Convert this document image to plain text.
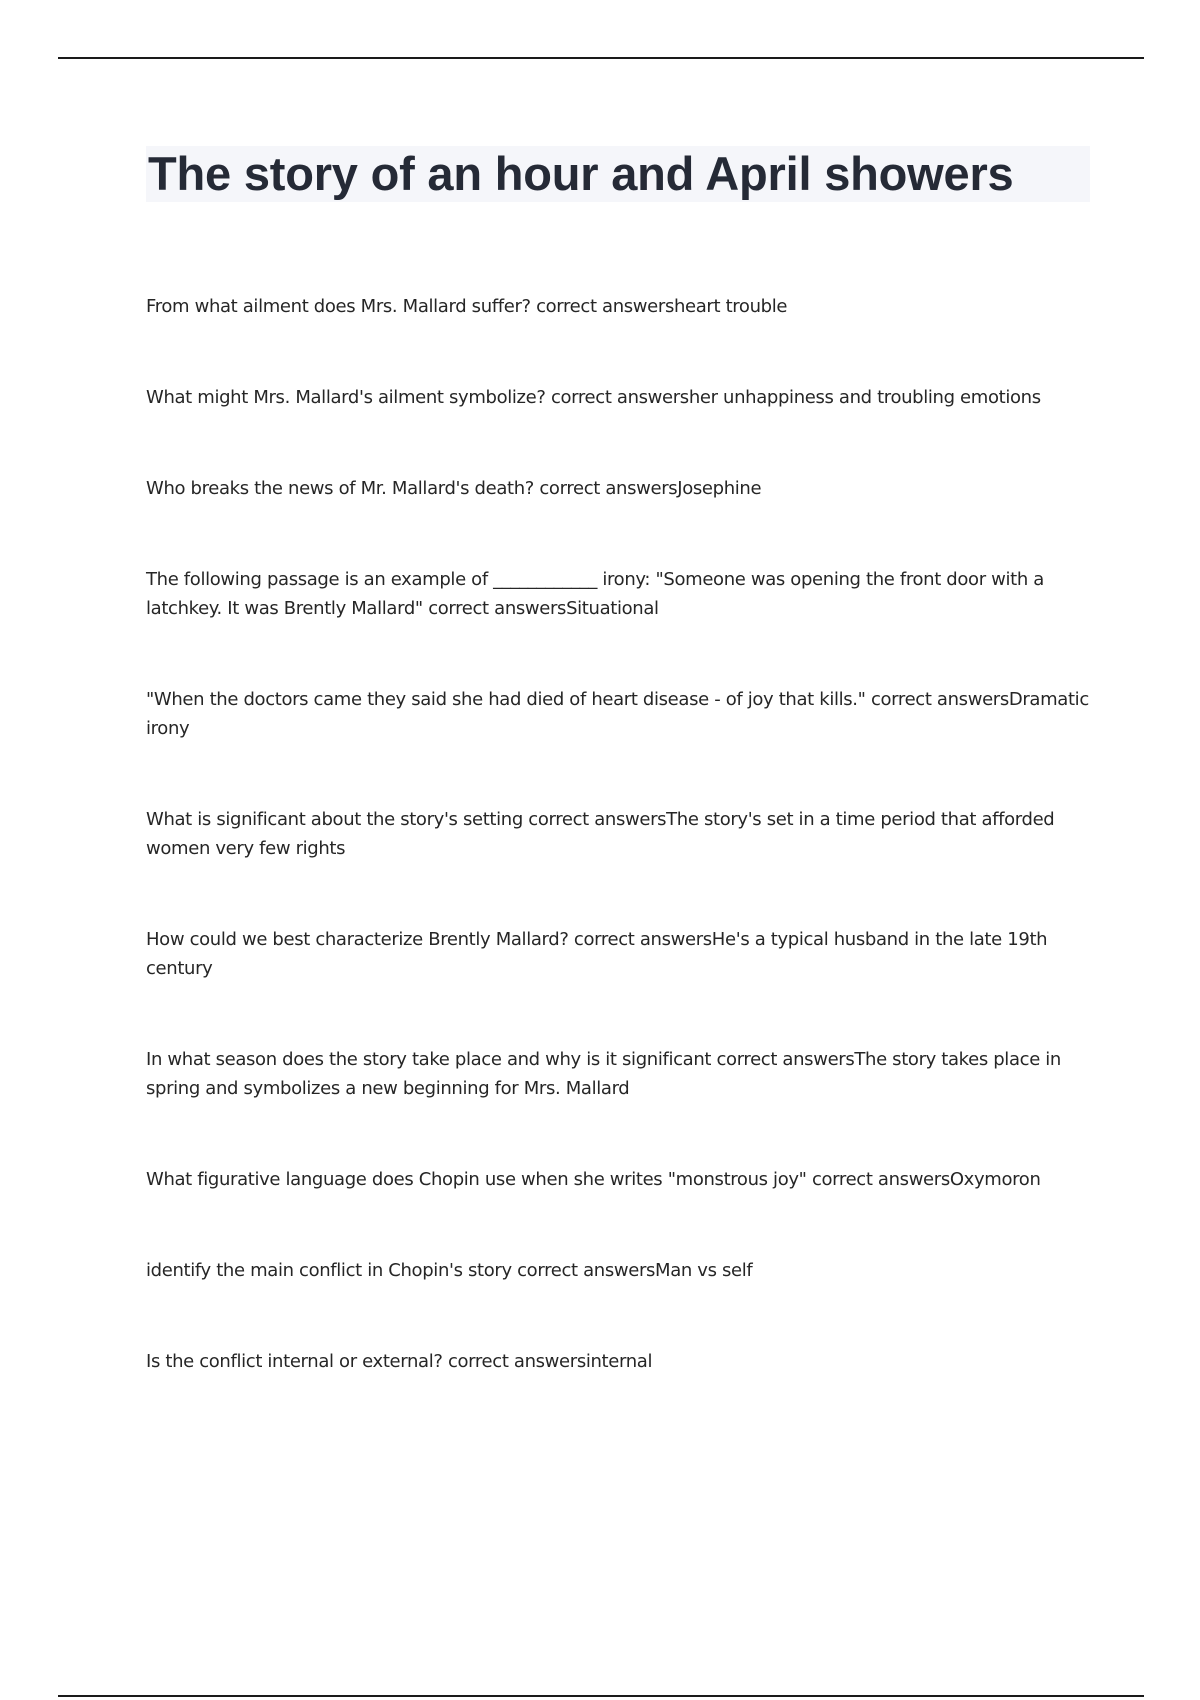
The story of an hour and April showers

From what ailment does Mrs. Mallard suffer? correct answersheart trouble

What might Mrs. Mallard's ailment symbolize? correct answersher unhappiness and troubling emotions

Who breaks the news of Mr. Mallard's death? correct answersJosephine

The following passage is an example of ____________ irony: "Someone was opening the front door with a latchkey. It was Brently Mallard" correct answersSituational

"When the doctors came they said she had died of heart disease - of joy that kills." correct answersDramatic irony

What is significant about the story's setting correct answersThe story's set in a time period that afforded women very few rights

How could we best characterize Brently Mallard? correct answersHe's a typical husband in the late 19th century

In what season does the story take place and why is it significant correct answersThe story takes place in spring and symbolizes a new beginning for Mrs. Mallard

What figurative language does Chopin use when she writes "monstrous joy" correct answersOxymoron

identify the main conflict in Chopin's story correct answersMan vs self

Is the conflict internal or external? correct answersinternal
